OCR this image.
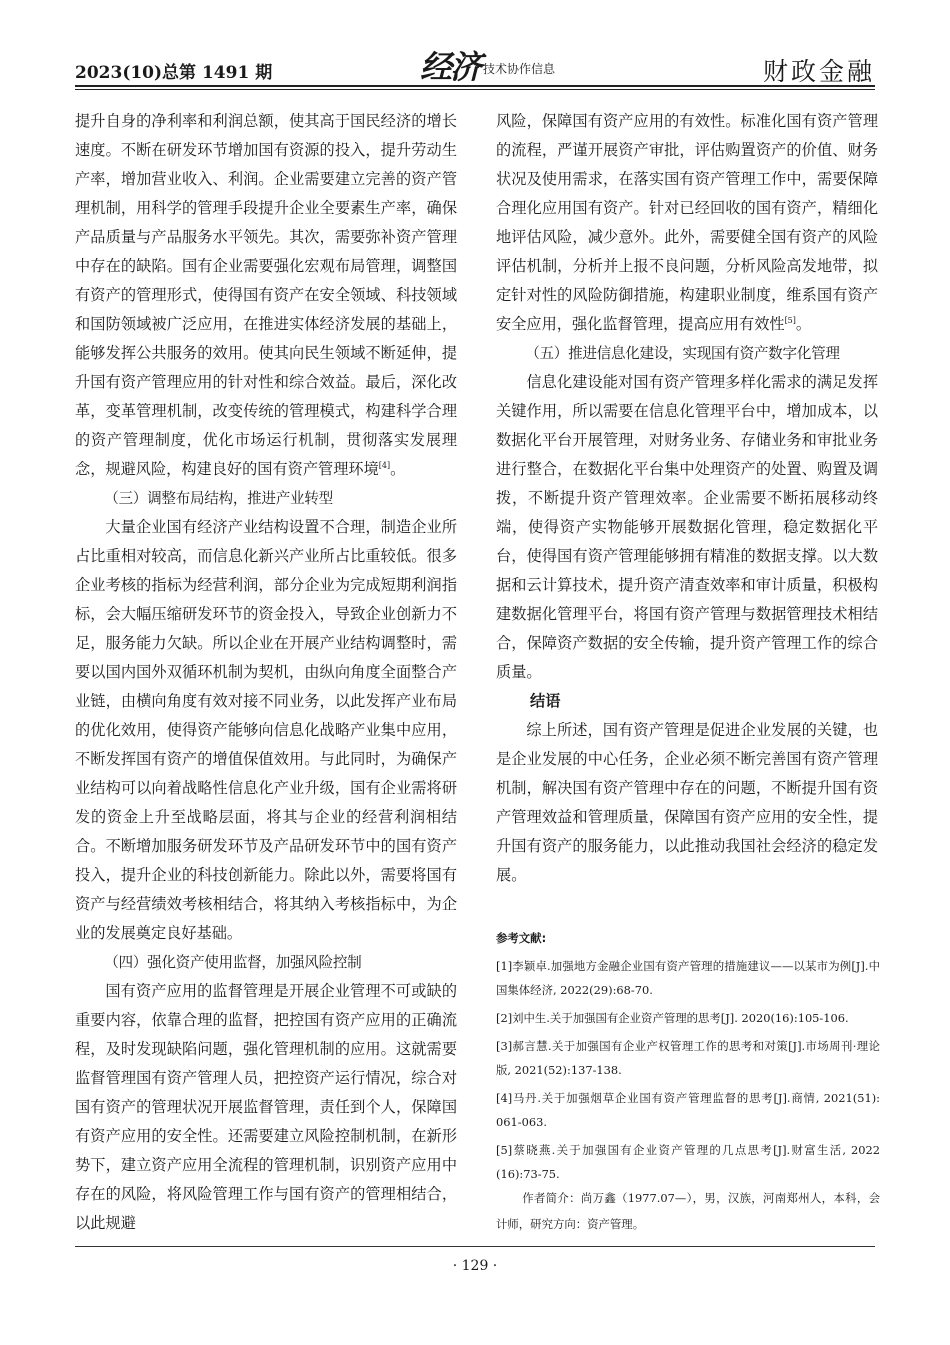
2023(10)总第 1491 期	经济 技术协作信息	财政金融

提升自身的净利率和利润总额，使其高于国民经济的增长速度。不断在研发环节增加国有资源的投入，提升劳动生产率，增加营业收入、利润。企业需要建立完善的资产管理机制，用科学的管理手段提升企业全要素生产率，确保产品质量与产品服务水平领先。其次，需要弥补资产管理中存在的缺陷。国有企业需要强化宏观布局管理，调整国有资产的管理形式，使得国有资产在安全领域、科技领域和国防领域被广泛应用，在推进实体经济发展的基础上，能够发挥公共服务的效用。使其向民生领域不断延伸，提升国有资产管理应用的针对性和综合效益。最后，深化改革，变革管理机制，改变传统的管理模式，构建科学合理的资产管理制度，优化市场运行机制，贯彻落实发展理念，规避风险，构建良好的国有资产管理环境[4]。

（三）调整布局结构，推进产业转型

大量企业国有经济产业结构设置不合理，制造企业所占比重相对较高，而信息化新兴产业所占比重较低。很多企业考核的指标为经营利润，部分企业为完成短期利润指标，会大幅压缩研发环节的资金投入，导致企业创新力不足，服务能力欠缺。所以企业在开展产业结构调整时，需要以国内国外双循环机制为契机，由纵向角度全面整合产业链，由横向角度有效对接不同业务，以此发挥产业布局的优化效用，使得资产能够向信息化战略产业集中应用，不断发挥国有资产的增值保值效用。与此同时，为确保产业结构可以向着战略性信息化产业升级，国有企业需将研发的资金上升至战略层面，将其与企业的经营利润相结合。不断增加服务研发环节及产品研发环节中的国有资产投入，提升企业的科技创新能力。除此以外，需要将国有资产与经营绩效考核相结合，将其纳入考核指标中，为企业的发展奠定良好基础。

（四）强化资产使用监督，加强风险控制

国有资产应用的监督管理是开展企业管理不可或缺的重要内容，依靠合理的监督，把控国有资产应用的正确流程，及时发现缺陷问题，强化管理机制的应用。这就需要监督管理国有资产管理人员，把控资产运行情况，综合对国有资产的管理状况开展监督管理，责任到个人，保障国有资产应用的安全性。还需要建立风险控制机制，在新形势下，建立资产应用全流程的管理机制，识别资产应用中存在的风险，将风险管理工作与国有资产的管理相结合，以此规避

风险，保障国有资产应用的有效性。标准化国有资产管理的流程，严谨开展资产审批，评估购置资产的价值、财务状况及使用需求，在落实国有资产管理工作中，需要保障合理化应用国有资产。针对已经回收的国有资产，精细化地评估风险，减少意外。此外，需要健全国有资产的风险评估机制，分析并上报不良问题，分析风险高发地带，拟定针对性的风险防御措施，构建职业制度，维系国有资产安全应用，强化监督管理，提高应用有效性[5]。

（五）推进信息化建设，实现国有资产数字化管理

信息化建设能对国有资产管理多样化需求的满足发挥关键作用，所以需要在信息化管理平台中，增加成本，以数据化平台开展管理，对财务业务、存储业务和审批业务进行整合，在数据化平台集中处理资产的处置、购置及调拨，不断提升资产管理效率。企业需要不断拓展移动终端，使得资产实物能够开展数据化管理，稳定数据化平台，使得国有资产管理能够拥有精准的数据支撑。以大数据和云计算技术，提升资产清查效率和审计质量，积极构建数据化管理平台，将国有资产管理与数据管理技术相结合，保障资产数据的安全传输，提升资产管理工作的综合质量。

结语

综上所述，国有资产管理是促进企业发展的关键，也是企业发展的中心任务，企业必须不断完善国有资产管理机制，解决国有资产管理中存在的问题，不断提升国有资产管理效益和管理质量，保障国有资产应用的安全性，提升国有资产的服务能力，以此推动我国社会经济的稳定发展。

参考文献:

[1]李颖卓.加强地方金融企业国有资产管理的措施建议——以某市为例[J].中国集体经济, 2022(29):68-70.

[2]刘中生.关于加强国有企业资产管理的思考[J]. 2020(16):105-106.

[3]郝言慧.关于加强国有企业产权管理工作的思考和对策[J].市场周刊·理论版, 2021(52):137-138.

[4]马丹.关于加强烟草企业国有资产管理监督的思考[J].商情, 2021(51): 061-063.

[5]蔡晓燕.关于加强国有企业资产管理的几点思考[J].财富生活, 2022 (16):73-75.

作者简介：尚万鑫（1977.07—），男，汉族，河南郑州人，本科，会计师，研究方向：资产管理。
· 129 ·
